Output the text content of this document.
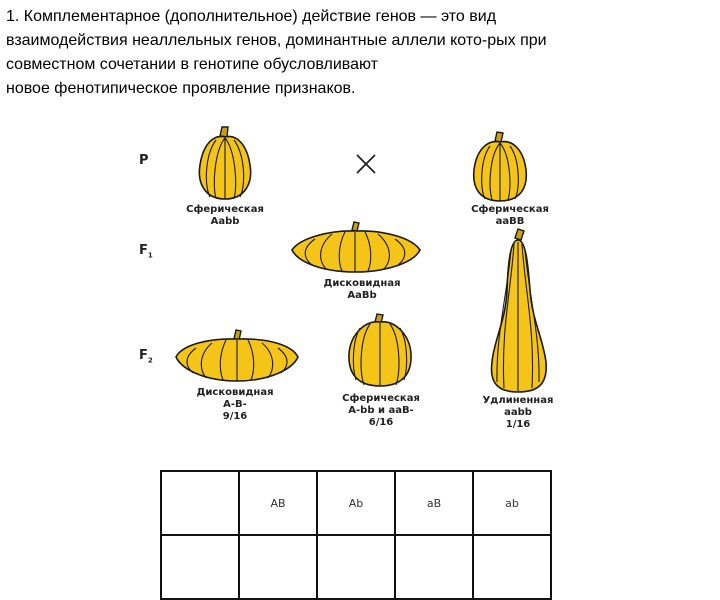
1. Комплементарное (дополнительное) действие генов — это вид

взаимодействия неаллельных генов, доминантные аллели кото-рых при

совместном сочетании в генотипе обусловливают

новое фенотипическое проявление признаков.

P
$F_1$
$F_2$
Сферическая
Aabb
Сферическая
aaBB
Дисковидная
AaBb
Дисковидная
A-B-
9/16
Сферическая
A-bb и aaB-
6/16
Удлиненная
aabb
1/16
	AB	Ab	aB	ab
